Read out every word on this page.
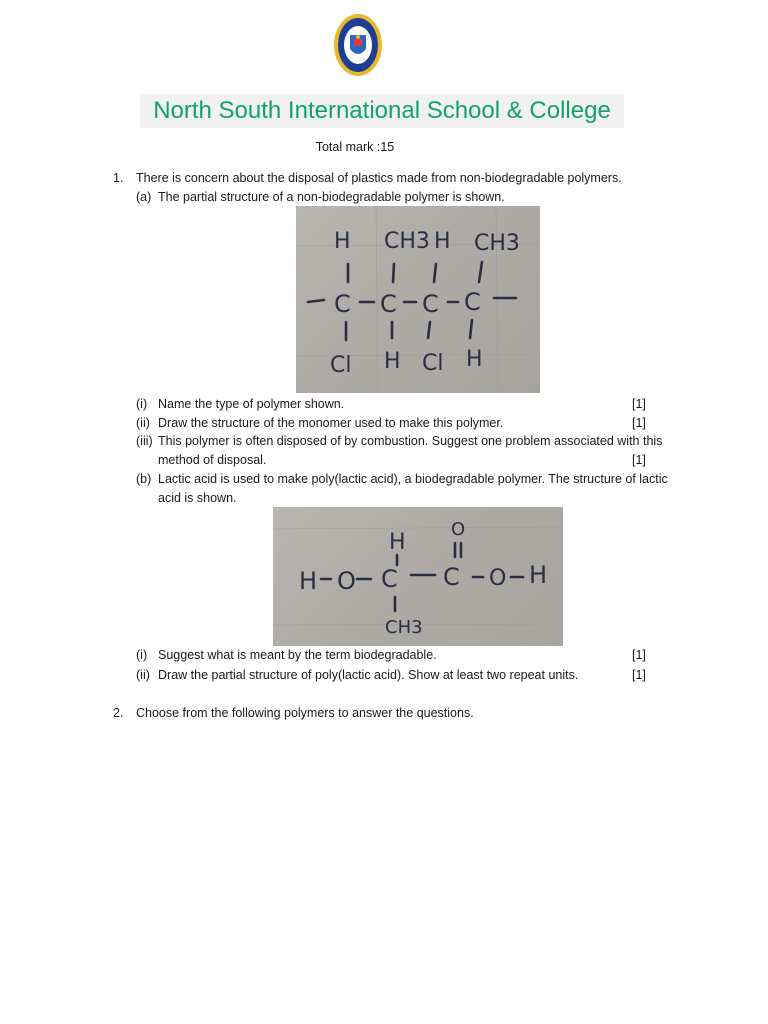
North South International School & College
Total mark :15
1. There is concern about the disposal of plastics made from non-biodegradable polymers.
(a) The partial structure of a non-biodegradable polymer is shown.
H CH3 H CH3
C C C C
Cl H Cl H
(i) Name the type of polymer shown.	[1]
(ii) Draw the structure of the monomer used to make this polymer.	[1]
(iii) This polymer is often disposed of by combustion. Suggest one problem associated with this
method of disposal.	[1]
(b) Lactic acid is used to make poly(lactic acid), a biodegradable polymer. The structure of lactic
acid is shown.
H
O
H O C C O H
CH3
(i) Suggest what is meant by the term biodegradable.	[1]
(ii) Draw the partial structure of poly(lactic acid). Show at least two repeat units.	[1]
2. Choose from the following polymers to answer the questions.
